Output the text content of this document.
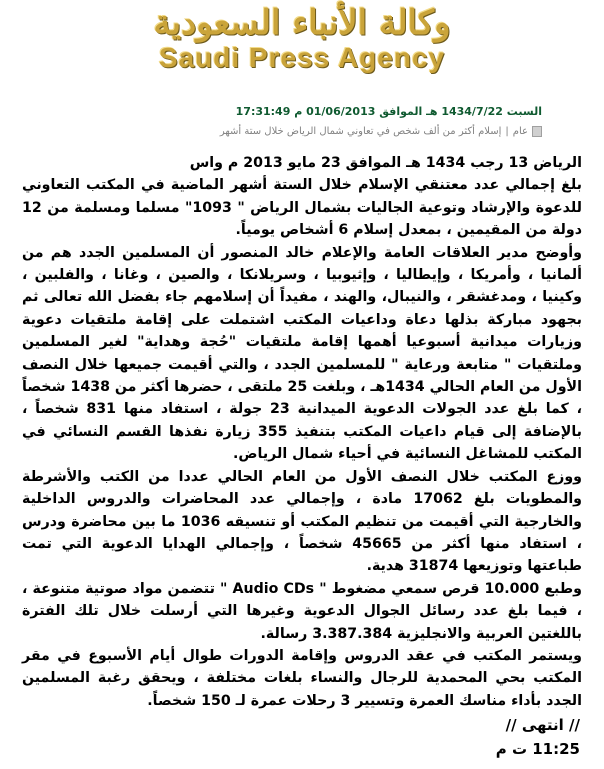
وكالة الأنباء السعودية
Saudi Press Agency
السبت 1434/7/22 هـ الموافق 01/06/2013 م 17:31:49
عام
|
إسلام أكثر من ألف شخص في تعاوني شمال الرياض خلال ستة أشهر

الرياض 13 رجب 1434 هـ الموافق 23 مايو 2013 م واس

بلغ إجمالي عدد معتنقي الإسلام خلال الستة أشهر الماضية في المكتب التعاوني للدعوة والإرشاد وتوعية الجاليات بشمال الرياض " 1093" مسلما ومسلمة من 12 دولة من المقيمين ، بمعدل إسلام 6 أشخاص يومياً.

وأوضح مدير العلاقات العامة والإعلام خالد المنصور أن المسلمين الجدد هم من ألمانيا ، وأمريكا ، وإيطاليا ، وإثيوبيا ، وسريلانكا ، والصين ، وغانا ، والفلبين ، وكينيا ، ومدغشقر ، والنيبال، والهند ، مفيداً أن إسلامهم جاء بفضل الله تعالى ثم بجهود مباركة بذلها دعاة وداعيات المكتب اشتملت على إقامة ملتقيات دعوية وزيارات ميدانية أسبوعيا أهمها إقامة ملتقيات "حُجة وهداية" لغير المسلمين وملتقيات " متابعة ورعاية " للمسلمين الجدد ، والتي أقيمت جميعها خلال النصف الأول من العام الحالي 1434هـ ، وبلغت 25 ملتقى ، حضرها أكثر من 1438 شخصاً ، كما بلغ عدد الجولات الدعوية الميدانية 23 جولة ، استفاد منها 831 شخصاً ، بالإضافة إلى قيام داعيات المكتب بتنفيذ 355 زيارة نفذها القسم النسائي في المكتب للمشاغل النسائية في أحياء شمال الرياض.

ووزع المكتب خلال النصف الأول من العام الحالي عددا من الكتب والأشرطة والمطويات بلغ 17062 مادة ، وإجمالي عدد المحاضرات والدروس الداخلية والخارجية التي أقيمت من تنظيم المكتب أو تنسيقه 1036 ما بين محاضرة ودرس ، استفاد منها أكثر من 45665 شخصاً ، وإجمالي الهدايا الدعوية التي تمت طباعتها وتوزيعها 31874 هدية.

وطبع 10.000 قرص سمعي مضغوط " Audio CDs " تتضمن مواد صوتية متنوعة ، ، فيما بلغ عدد رسائل الجوال الدعوية وغيرها التي أرسلت خلال تلك الفترة باللغتين العربية والانجليزية 3.387.384 رسالة.

ويستمر المكتب في عقد الدروس وإقامة الدورات طوال أيام الأسبوع في مقر المكتب بحي المحمدية للرجال والنساء بلغات مختلفة ، ويحقق رغبة المسلمين الجدد بأداء مناسك العمرة وتسيير 3 رحلات عمرة لـ 150 شخصاً.

// انتهى //
11:25 ت م
